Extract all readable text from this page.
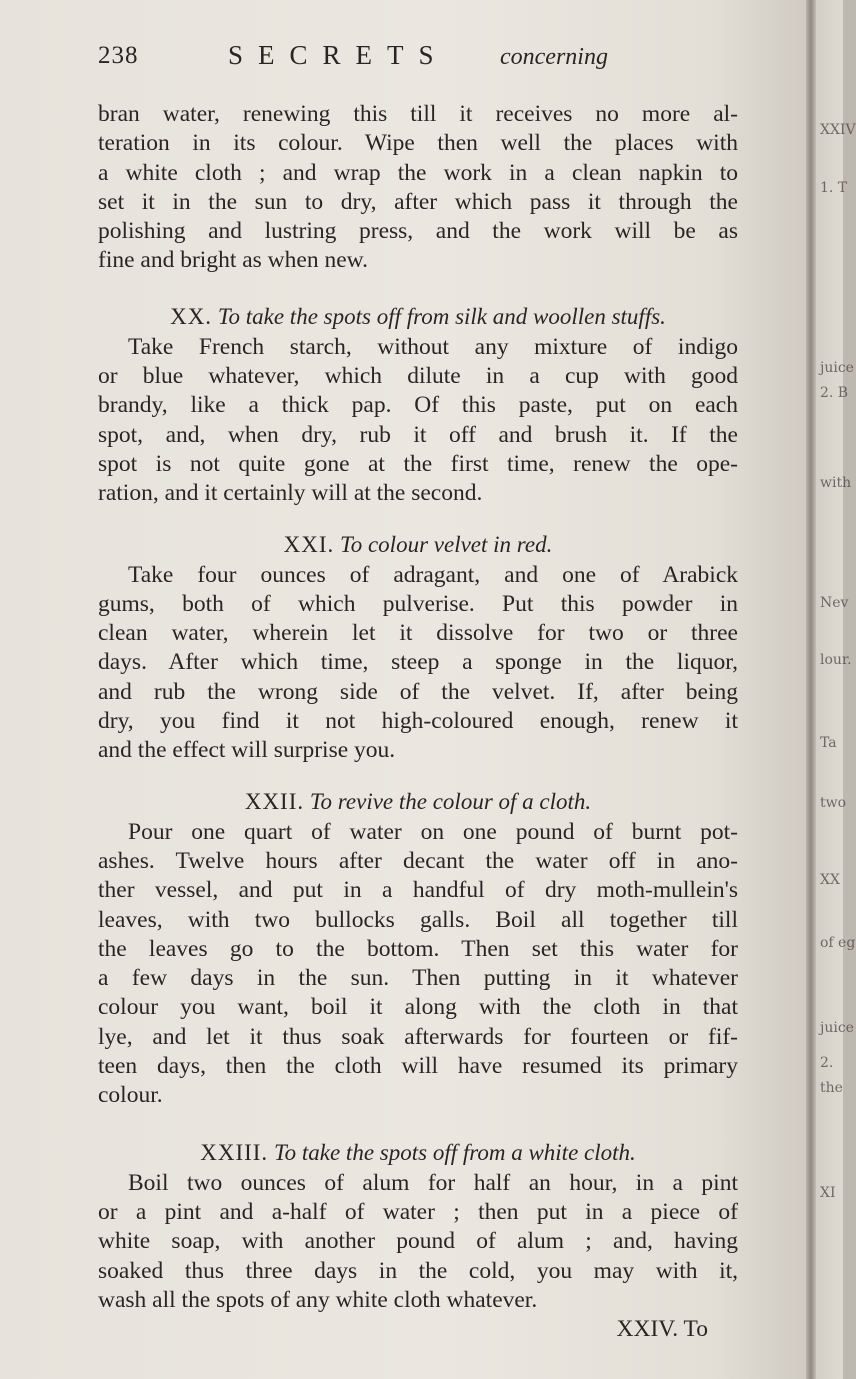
238	SECRETS concerning
bran water, renewing this till it receives no more al-
teration in its colour. Wipe then well the places with
a white cloth ; and wrap the work in a clean napkin to
set it in the sun to dry, after which pass it through the
polishing and lustring press, and the work will be as
fine and bright as when new.
XX. To take the spots off from silk and woollen stuffs.
Take French starch, without any mixture of indigo
or blue whatever, which dilute in a cup with good
brandy, like a thick pap. Of this paste, put on each
spot, and, when dry, rub it off and brush it. If the
spot is not quite gone at the first time, renew the ope-
ration, and it certainly will at the second.
XXI. To colour velvet in red.
Take four ounces of adragant, and one of Arabick
gums, both of which pulverise. Put this powder in
clean water, wherein let it dissolve for two or three
days. After which time, steep a sponge in the liquor,
and rub the wrong side of the velvet. If, after being
dry, you find it not high-coloured enough, renew it
and the effect will surprise you.
XXII. To revive the colour of a cloth.
Pour one quart of water on one pound of burnt pot-
ashes. Twelve hours after decant the water off in ano-
ther vessel, and put in a handful of dry moth-mullein's
leaves, with two bullocks galls. Boil all together till
the leaves go to the bottom. Then set this water for
a few days in the sun. Then putting in it whatever
colour you want, boil it along with the cloth in that
lye, and let it thus soak afterwards for fourteen or fif-
teen days, then the cloth will have resumed its primary
colour.
XXIII. To take the spots off from a white cloth.
Boil two ounces of alum for half an hour, in a pint
or a pint and a-half of water ; then put in a piece of
white soap, with another pound of alum ; and, having
soaked thus three days in the cold, you may with it,
wash all the spots of any white cloth whatever.
XXIV. To
XXIV
1. T
juice
2. B
with
Nev
lour.
Ta
two
XX
of eg
juice
2.
the
XI
